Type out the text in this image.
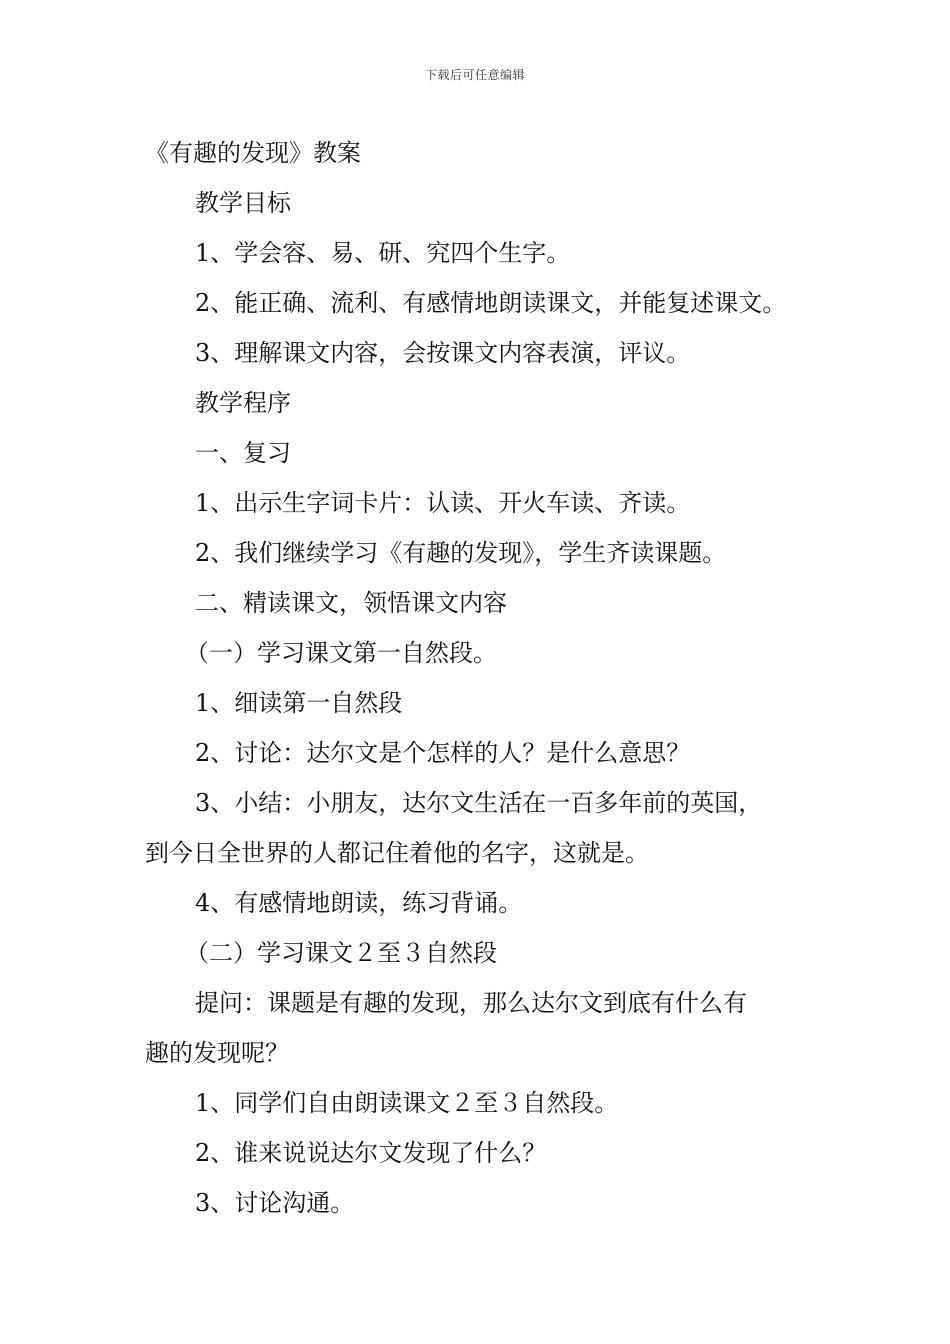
下载后可任意编辑
《有趣的发现》教案
教学目标
1、学会容、易、研、究四个生字。
2、能正确、流利、有感情地朗读课文，并能复述课文。
3、理解课文内容，会按课文内容表演，评议。
教学程序
一、复习
1、出示生字词卡片：认读、开火车读、齐读。
2、我们继续学习《有趣的发现》，学生齐读课题。
二、精读课文，领悟课文内容
（一）学习课文第一自然段。
1、细读第一自然段
2、讨论：达尔文是个怎样的人？是什么意思？
3、小结：小朋友，达尔文生活在一百多年前的英国，
到今日全世界的人都记住着他的名字，这就是。
4、有感情地朗读，练习背诵。
（二）学习课文２至３自然段
提问：课题是有趣的发现，那么达尔文到底有什么有
趣的发现呢？
1、同学们自由朗读课文２至３自然段。
2、谁来说说达尔文发现了什么？
3、讨论沟通。
